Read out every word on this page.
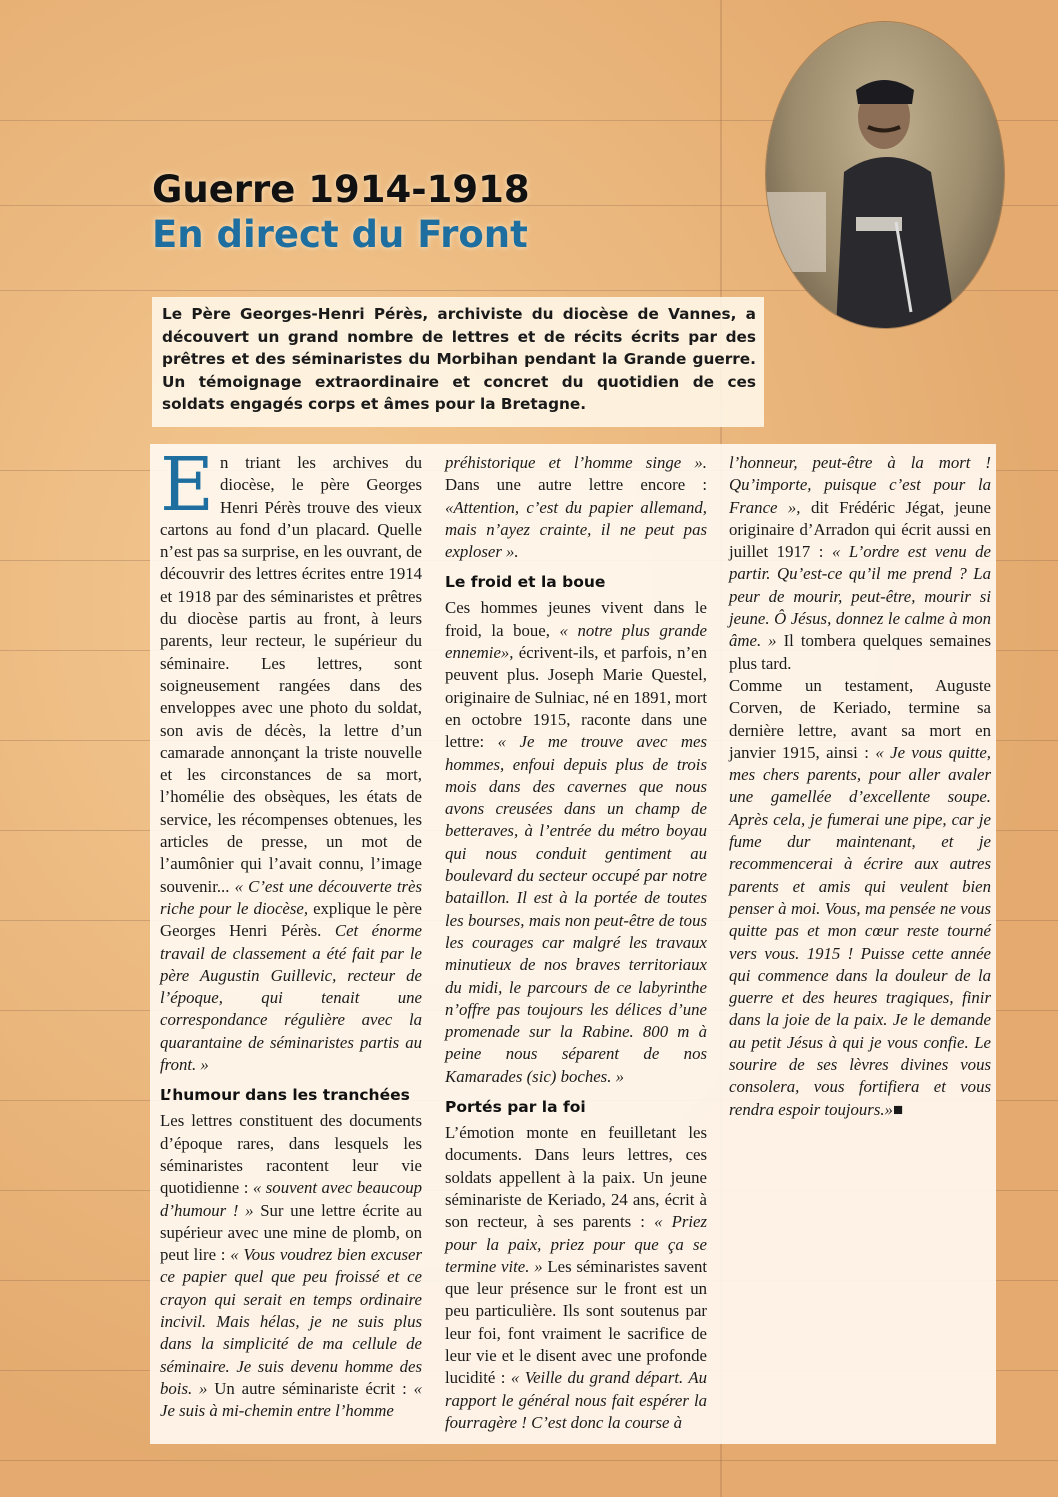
Guerre 1914-1918
En direct du Front

Le Père Georges-Henri Pérès, archiviste du diocèse de Vannes, a découvert un grand nombre de lettres et de récits écrits par des prêtres et des séminaristes du Morbihan pendant la Grande guerre. Un témoignage extraordinaire et concret du quotidien de ces soldats engagés corps et âmes pour la Bretagne.

En triant les archives du diocèse, le père Georges Henri Pérès trouve des vieux cartons au fond d’un placard. Quelle n’est pas sa surprise, en les ouvrant, de découvrir des lettres écrites entre 1914 et 1918 par des séminaristes et prêtres du diocèse partis au front, à leurs parents, leur recteur, le supérieur du séminaire. Les lettres, sont soigneusement rangées dans des enveloppes avec une photo du soldat, son avis de décès, la lettre d’un camarade annonçant la triste nouvelle et les circonstances de sa mort, l’homélie des obsèques, les états de service, les récompenses obtenues, les articles de presse, un mot de l’aumônier qui l’avait connu, l’image souvenir... « C’est une découverte très riche pour le diocèse, explique le père Georges Henri Pérès. Cet énorme travail de classement a été fait par le père Augustin Guillevic, recteur de l’époque, qui tenait une correspondance régulière avec la quarantaine de séminaristes partis au front. »

L’humour dans les tranchées

Les lettres constituent des documents d’époque rares, dans lesquels les séminaristes racontent leur vie quotidienne : « souvent avec beaucoup d’humour ! » Sur une lettre écrite au supérieur avec une mine de plomb, on peut lire : « Vous voudrez bien excuser ce papier quel que peu froissé et ce crayon qui serait en temps ordinaire incivil. Mais hélas, je ne suis plus dans la simplicité de ma cellule de séminaire. Je suis devenu homme des bois. » Un autre séminariste écrit : « Je suis à mi-chemin entre l’homme

préhistorique et l’homme singe ». Dans une autre lettre encore : «Attention, c’est du papier allemand, mais n’ayez crainte, il ne peut pas exploser ».

Le froid et la boue

Ces hommes jeunes vivent dans le froid, la boue, « notre plus grande ennemie», écrivent-ils, et parfois, n’en peuvent plus. Joseph Marie Questel, originaire de Sulniac, né en 1891, mort en octobre 1915, raconte dans une lettre: « Je me trouve avec mes hommes, enfoui depuis plus de trois mois dans des cavernes que nous avons creusées dans un champ de betteraves, à l’entrée du métro boyau qui nous conduit gentiment au boulevard du secteur occupé par notre bataillon. Il est à la portée de toutes les bourses, mais non peut-être de tous les courages car malgré les travaux minutieux de nos braves territoriaux du midi, le parcours de ce labyrinthe n’offre pas toujours les délices d’une promenade sur la Rabine. 800 m à peine nous séparent de nos Kamarades (sic) boches. »

Portés par la foi

L’émotion monte en feuilletant les documents. Dans leurs lettres, ces soldats appellent à la paix. Un jeune séminariste de Keriado, 24 ans, écrit à son recteur, à ses parents : « Priez pour la paix, priez pour que ça se termine vite. » Les séminaristes savent que leur présence sur le front est un peu particulière. Ils sont soutenus par leur foi, font vraiment le sacrifice de leur vie et le disent avec une profonde lucidité : « Veille du grand départ. Au rapport le général nous fait espérer la fourragère ! C’est donc la course à

l’honneur, peut-être à la mort ! Qu’importe, puisque c’est pour la France », dit Frédéric Jégat, jeune originaire d’Arradon qui écrit aussi en juillet 1917 : « L’ordre est venu de partir. Qu’est-ce qu’il me prend ? La peur de mourir, peut-être, mourir si jeune. Ô Jésus, donnez le calme à mon âme. » Il tombera quelques semaines plus tard.

Comme un testament, Auguste Corven, de Keriado, termine sa dernière lettre, avant sa mort en janvier 1915, ainsi : « Je vous quitte, mes chers parents, pour aller avaler une gamellée d’excellente soupe. Après cela, je fumerai une pipe, car je fume dur maintenant, et je recommencerai à écrire aux autres parents et amis qui veulent bien penser à moi. Vous, ma pensée ne vous quitte pas et mon cœur reste tourné vers vous. 1915 ! Puisse cette année qui commence dans la douleur de la guerre et des heures tragiques, finir dans la joie de la paix. Je le demande au petit Jésus à qui je vous confie. Le sourire de ses lèvres divines vous consolera, vous fortifiera et vous rendra espoir toujours.»■
